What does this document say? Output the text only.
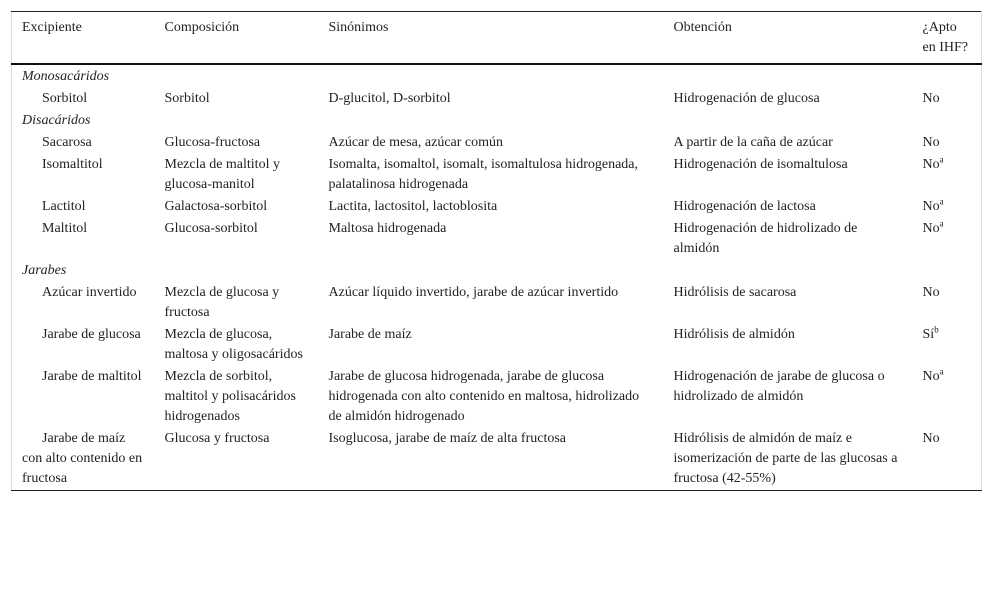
Excipiente	Composición	Sinónimos	Obtención	¿Apto en IHF?
Monosacáridos				
Sorbitol	Sorbitol	D-glucitol, D-sorbitol	Hidrogenación de glucosa	No
Disacáridos				
Sacarosa	Glucosa-fructosa	Azúcar de mesa, azúcar común	A partir de la caña de azúcar	No
Isomaltitol	Mezcla de maltitol y glucosa-manitol	Isomalta, isomaltol, isomalt, isomaltulosa hidrogenada, palatalinosa hidrogenada	Hidrogenación de isomaltulosa	No$^a$
Lactitol	Galactosa-sorbitol	Lactita, lactositol, lactoblosita	Hidrogenación de lactosa	No$^a$
Maltitol	Glucosa-sorbitol	Maltosa hidrogenada	Hidrogenación de hidrolizado de almidón	No$^a$
Jarabes				
Azúcar invertido	Mezcla de glucosa y fructosa	Azúcar líquido invertido, jarabe de azúcar invertido	Hidrólisis de sacarosa	No
Jarabe de glucosa	Mezcla de glucosa, maltosa y oligosacáridos	Jarabe de maíz	Hidrólisis de almidón	$Sí^b$
Jarabe de maltitol	Mezcla de sorbitol, maltitol y polisacáridos hidrogenados	Jarabe de glucosa hidrogenada, jarabe de glucosa hidrogenada con alto contenido en maltosa, hidrolizado de almidón hidrogenado	Hidrogenación de jarabe de glucosa o hidrolizado de almidón	No$^a$
Jarabe de maíz con alto contenido en fructosa	Glucosa y fructosa	Isoglucosa, jarabe de maíz de alta fructosa	Hidrólisis de almidón de maíz e isomerización de parte de las glucosas a fructosa (42-55%)	No
